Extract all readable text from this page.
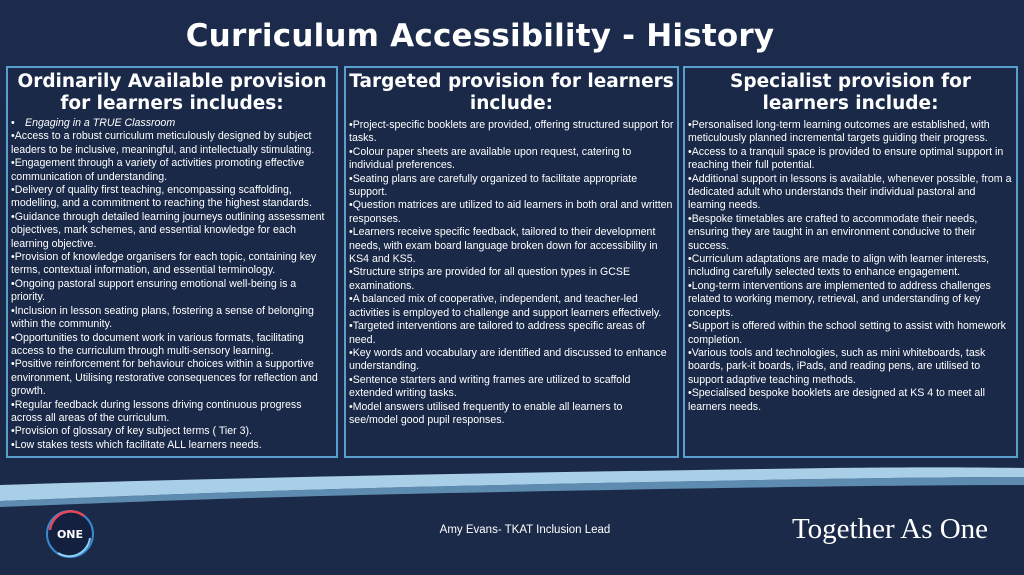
Curriculum Accessibility - History
Ordinarily Available provision for learners includes:
• Engaging in a TRUE Classroom
•Access to a robust curriculum meticulously designed by subject leaders to be inclusive, meaningful, and intellectually stimulating.
•Engagement through a variety of activities promoting effective communication of understanding.
•Delivery of quality first teaching, encompassing scaffolding, modelling, and a commitment to reaching the highest standards.
•Guidance through detailed learning journeys outlining assessment objectives, mark schemes, and essential knowledge for each learning objective.
•Provision of knowledge organisers for each topic, containing key terms, contextual information, and essential terminology.
•Ongoing pastoral support ensuring emotional well-being is a priority.
•Inclusion in lesson seating plans, fostering a sense of belonging within the community.
•Opportunities to document work in various formats, facilitating access to the curriculum through multi-sensory learning.
•Positive reinforcement for behaviour choices within a supportive environment, Utilising restorative consequences for reflection and growth.
•Regular feedback during lessons driving continuous progress across all areas of the curriculum.
•Provision of glossary of key subject terms ( Tier 3).
•Low stakes tests which facilitate ALL learners needs.
Targeted provision for learners include:
•Project-specific booklets are provided, offering structured support for tasks.
•Colour paper sheets are available upon request, catering to individual preferences.
•Seating plans are carefully organized to facilitate appropriate support.
•Question matrices are utilized to aid learners in both oral and written responses.
•Learners receive specific feedback, tailored to their development needs, with exam board language broken down for accessibility in KS4 and KS5.
•Structure strips are provided for all question types in GCSE examinations.
•A balanced mix of cooperative, independent, and teacher-led activities is employed to challenge and support learners effectively.
•Targeted interventions are tailored to address specific areas of need.
•Key words and vocabulary are identified and discussed to enhance understanding.
•Sentence starters and writing frames are utilized to scaffold extended writing tasks.
•Model answers utilised frequently to enable all learners to see/model good pupil responses.
Specialist provision for learners include:
•Personalised long-term learning outcomes are established, with meticulously planned incremental targets guiding their progress.
•Access to a tranquil space is provided to ensure optimal support in reaching their full potential.
•Additional support in lessons is available, whenever possible, from a dedicated adult who understands their individual pastoral and learning needs.
•Bespoke timetables are crafted to accommodate their needs, ensuring they are taught in an environment conducive to their success.
•Curriculum adaptations are made to align with learner interests, including carefully selected texts to enhance engagement.
•Long-term interventions are implemented to address challenges related to working memory, retrieval, and understanding of key concepts.
•Support is offered within the school setting to assist with homework completion.
•Various tools and technologies, such as mini whiteboards, task boards, park-it boards, iPads, and reading pens, are utilised to support adaptive teaching methods.
•Specialised bespoke booklets are designed at KS 4 to meet all learners needs.
ONE	Amy Evans- TKAT Inclusion Lead	Together As One
